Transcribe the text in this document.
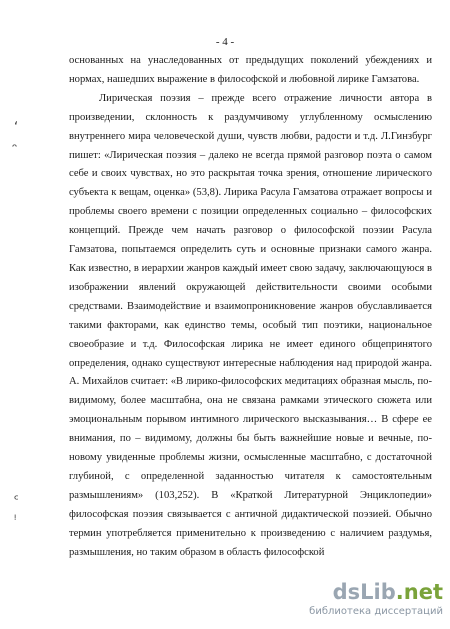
- 4 -

основанных на унаследованных от предыдущих поколений убеждениях и нормах, нашедших выражение в философской и любовной лирике Гамзатова.

Лирическая поэзия – прежде всего отражение личности автора в произведении, склонность к раздумчивому углубленному осмыслению внутреннего мира человеческой души, чувств любви, радости и т.д. Л.Гинзбург пишет: «Лирическая поэзия – далеко не всегда прямой разговор поэта о самом себе и своих чувствах, но это раскрытая точка зрения, отношение лирического субъекта к вещам, оценка» (53,8). Лирика Расула Гамзатова отражает вопросы и проблемы своего времени с позиции определенных социально – философских концепций. Прежде чем начать разговор о философской поэзии Расула Гамзатова, попытаемся определить суть и основные признаки самого жанра. Как известно, в иерархии жанров каждый имеет свою задачу, заключающуюся в изображении явлений окружающей действительности своими особыми средствами. Взаимодействие и взаимопроникновение жанров обуславливается такими факторами, как единство темы, особый тип поэтики, национальное своеобразие и т.д. Философская лирика не имеет единого общепринятого определения, однако существуют интересные наблюдения над природой жанра. А. Михайлов считает: «В лирико-философских медитациях образная мысль, по- видимому, более масштабна, она не связана рамками этического сюжета или эмоциональным порывом интимного лирического высказывания… В сфере ее внимания, по – видимому, должны бы быть важнейшие новые и вечные, по- новому увиденные проблемы жизни, осмысленные масштабно, с достаточной глубиной, с определенной заданностью читателя к самостоятельным размышлениям» (103,252). В «Краткой Литературной Энциклопедии» философская поэзия связывается с античной дидактической поэзией. Обычно термин употребляется применительно к произведению с наличием раздумья, размышления, но таким образом в область философской

ʻ
ᵔ
ᶜ
ᵎ
dsLib.net
библиотека диссертаций
